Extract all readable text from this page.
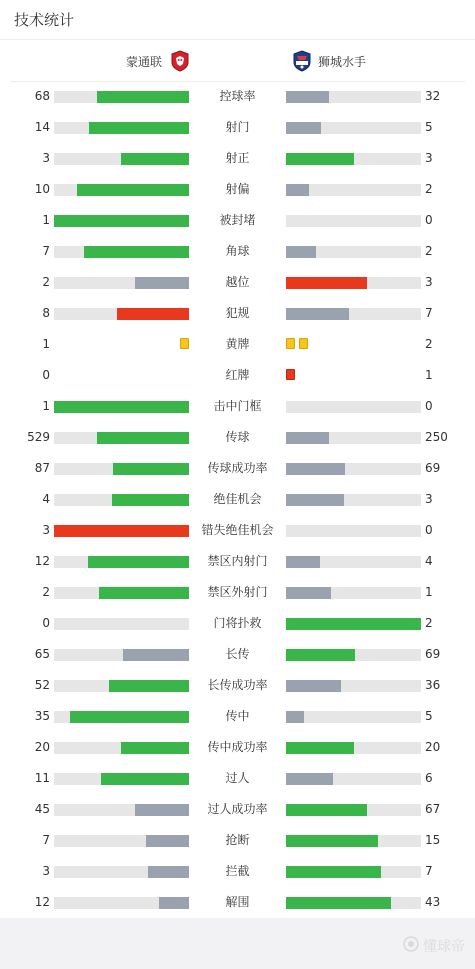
技术统计
蒙通联	狮城水手
68	控球率	32
14	射门	5
3	射正	3
10	射偏	2
1	被封堵	0
7	角球	2
2	越位	3
8	犯规	7
1	黄牌	2
0	红牌	1
1	击中门框	0
529	传球	250
87	传球成功率	69
4	绝佳机会	3
3	错失绝佳机会	0
12	禁区内射门	4
2	禁区外射门	1
0	门将扑救	2
65	长传	69
52	长传成功率	36
35	传中	5
20	传中成功率	20
11	过人	6
45	过人成功率	67
7	抢断	15
3	拦截	7
12	解围	43
懂球帝
